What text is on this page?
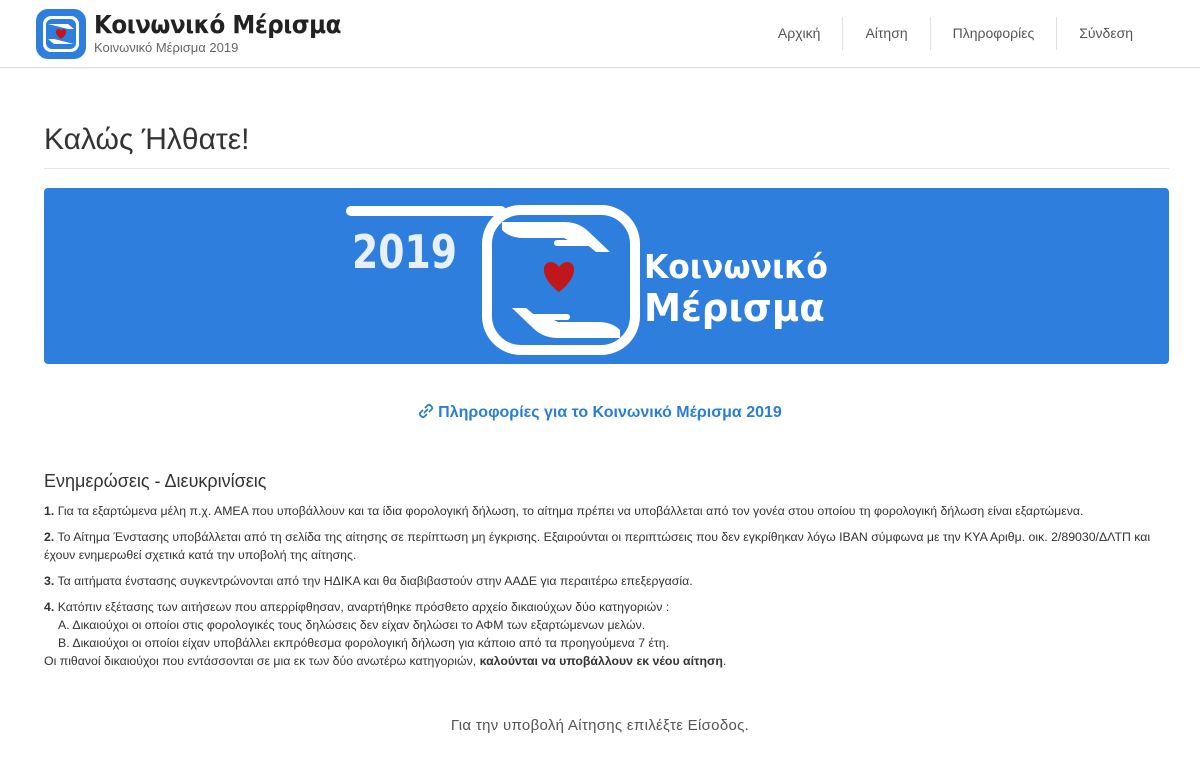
Κοινωνικό Μέρισμα
Κοινωνικό Μέρισμα 2019
Αρχική	Αίτηση	Πληροφορίες	Σύνδεση
Καλώς Ήλθατε!
2019	Κοινωνικό
Μέρισμα
Πληροφορίες για το Κοινωνικό Μέρισμα 2019
Ενημερώσεις - Διευκρινίσεις

1. Για τα εξαρτώμενα μέλη π.χ. ΑΜΕΑ που υποβάλλουν και τα ίδια φορολογική δήλωση, το αίτημα πρέπει να υποβάλλεται από τον γονέα στου οποίου τη φορολογική δήλωση είναι εξαρτώμενα.

2. Το Αίτημα Ένστασης υποβάλλεται από τη σελίδα της αίτησης σε περίπτωση μη έγκρισης. Εξαιρούνται οι περιπτώσεις που δεν εγκρίθηκαν λόγω IBAN σύμφωνα με την ΚΥΑ Αριθμ. οικ. 2/89030/ΔΛΤΠ και έχουν ενημερωθεί σχετικά κατά την υποβολή της αίτησης.

3. Τα αιτήματα ένστασης συγκεντρώνονται από την ΗΔΙΚΑ και θα διαβιβαστούν στην ΑΑΔΕ για περαιτέρω επεξεργασία.

4. Κατόπιν εξέτασης των αιτήσεων που απερρίφθησαν, αναρτήθηκε πρόσθετο αρχείο δικαιούχων δύο κατηγοριών :
Α. Δικαιούχοι οι οποίοι στις φορολογικές τους δηλώσεις δεν είχαν δηλώσει το ΑΦΜ των εξαρτώμενων μελών.
Β. Δικαιούχοι οι οποίοι είχαν υποβάλλει εκπρόθεσμα φορολογική δήλωση για κάποιο από τα προηγούμενα 7 έτη.
Οι πιθανοί δικαιούχοι που εντάσσονται σε μια εκ των δύο ανωτέρω κατηγοριών, καλούνται να υποβάλλουν εκ νέου αίτηση.

Για την υποβολή Αίτησης επιλέξτε Είσοδος.
